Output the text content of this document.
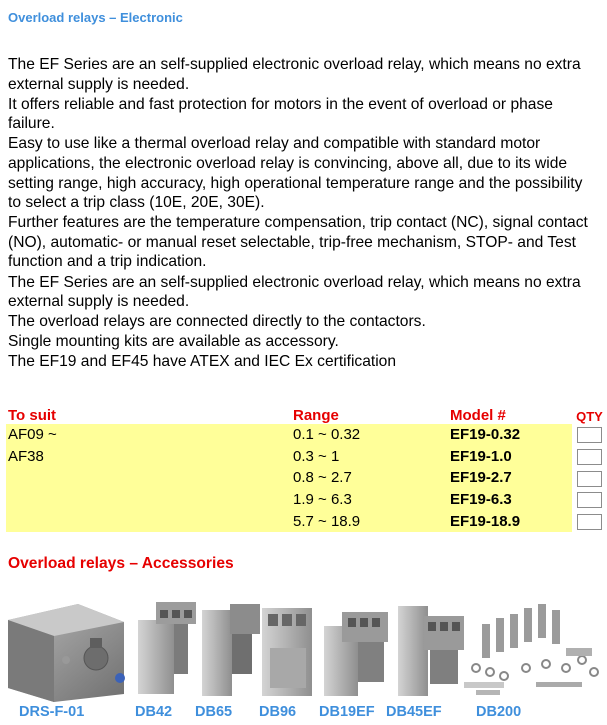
Overload relays – Electronic

The EF Series are an self-supplied electronic overload relay, which means no extra external supply is needed.

It offers reliable and fast protection for motors in the event of overload or phase failure.

Easy to use like a thermal overload relay and compatible with standard motor applications, the electronic overload relay is convincing, above all, due to its wide setting range, high accuracy, high operational temperature range and the possibility to select a trip class (10E, 20E, 30E).

Further features are the temperature compensation, trip contact (NC), signal contact (NO), automatic- or manual reset selectable, trip-free mechanism, STOP- and Test function and a trip indication.

The EF Series are an self-supplied electronic overload relay, which means no extra external supply is needed.

The overload relays are connected directly to the contactors.

Single mounting kits are available as accessory.

The EF19 and EF45 have ATEX and IEC Ex certification

To suit	Range	Model #	QTY
AF09 ~	0.1 ~ 0.32	EF19-0.32	
AF38	0.3 ~ 1	EF19-1.0	
	0.8 ~ 2.7	EF19-2.7	
	1.9 ~ 6.3	EF19-6.3	
	5.7 ~ 18.9	EF19-18.9	
Overload relays – Accessories
DRS-F-01	DB42 DB65 DB96 DB19EF DB45EF DB200
